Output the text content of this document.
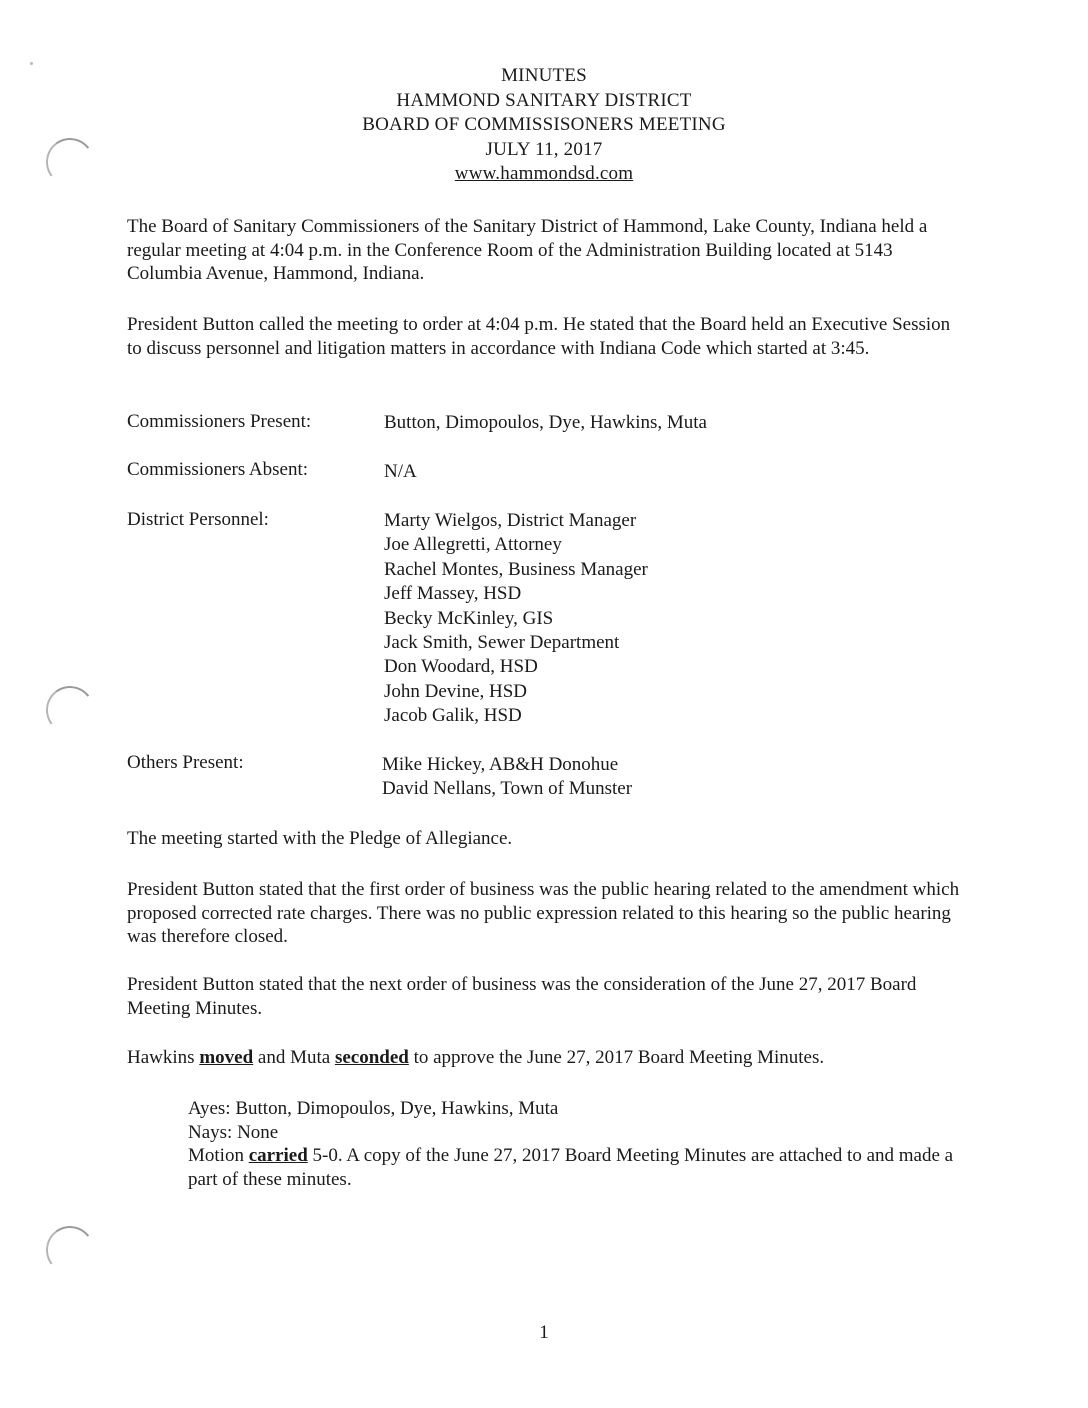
MINUTES
HAMMOND SANITARY DISTRICT
BOARD OF COMMISSISONERS MEETING
JULY 11, 2017
www.hammondsd.com
The Board of Sanitary Commissioners of the Sanitary District of Hammond, Lake County, Indiana held a regular meeting at 4:04 p.m. in the Conference Room of the Administration Building located at 5143 Columbia Avenue, Hammond, Indiana.
President Button called the meeting to order at 4:04 p.m. He stated that the Board held an Executive Session to discuss personnel and litigation matters in accordance with Indiana Code which started at 3:45.
Commissioners Present:	Button, Dimopoulos, Dye, Hawkins, Muta
Commissioners Absent:	N/A
District Personnel:	Marty Wielgos, District Manager
Joe Allegretti, Attorney
Rachel Montes, Business Manager
Jeff Massey, HSD
Becky McKinley, GIS
Jack Smith, Sewer Department
Don Woodard, HSD
John Devine, HSD
Jacob Galik, HSD
Others Present:	Mike Hickey, AB&H Donohue
David Nellans, Town of Munster
The meeting started with the Pledge of Allegiance.
President Button stated that the first order of business was the public hearing related to the amendment which proposed corrected rate charges. There was no public expression related to this hearing so the public hearing was therefore closed.
President Button stated that the next order of business was the consideration of the June 27, 2017 Board Meeting Minutes.
Hawkins moved and Muta seconded to approve the June 27, 2017 Board Meeting Minutes.
Ayes: Button, Dimopoulos, Dye, Hawkins, Muta
Nays: None
Motion carried 5-0. A copy of the June 27, 2017 Board Meeting Minutes are attached to and made a part of these minutes.
1
